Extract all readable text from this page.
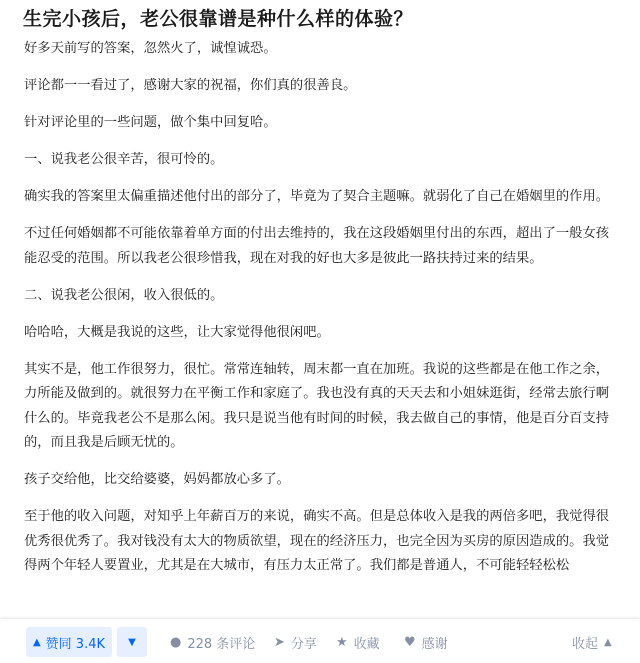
生完小孩后，老公很靠谱是种什么样的体验？

好多天前写的答案，忽然火了，诚惶诚恐。

评论都一一看过了，感谢大家的祝福，你们真的很善良。

针对评论里的一些问题，做个集中回复哈。

一、说我老公很辛苦，很可怜的。

确实我的答案里太偏重描述他付出的部分了，毕竟为了契合主题嘛。就弱化了自己在婚姻里的作用。

不过任何婚姻都不可能依靠着单方面的付出去维持的，我在这段婚姻里付出的东西，超出了一般女孩能忍受的范围。所以我老公很珍惜我，现在对我的好也大多是彼此一路扶持过来的结果。

二、说我老公很闲，收入很低的。

哈哈哈，大概是我说的这些，让大家觉得他很闲吧。

其实不是，他工作很努力，很忙。常常连轴转，周末都一直在加班。我说的这些都是在他工作之余，力所能及做到的。就很努力在平衡工作和家庭了。我也没有真的天天去和小姐妹逛街，经常去旅行啊什么的。毕竟我老公不是那么闲。我只是说当他有时间的时候，我去做自己的事情，他是百分百支持的，而且我是后顾无忧的。

孩子交给他，比交给婆婆，妈妈都放心多了。

至于他的收入问题，对知乎上年薪百万的来说，确实不高。但是总体收入是我的两倍多吧，我觉得很优秀很优秀了。我对钱没有太大的物质欲望，现在的经济压力，也完全因为买房的原因造成的。我觉得两个年轻人要置业，尤其是在大城市，有压力太正常了。我们都是普通人，不可能轻轻松松

▲ 赞同 3.4K ▼	● 228 条评论 ➤ 分享 ★ 收藏 ♥ 感谢	收起 ▲
